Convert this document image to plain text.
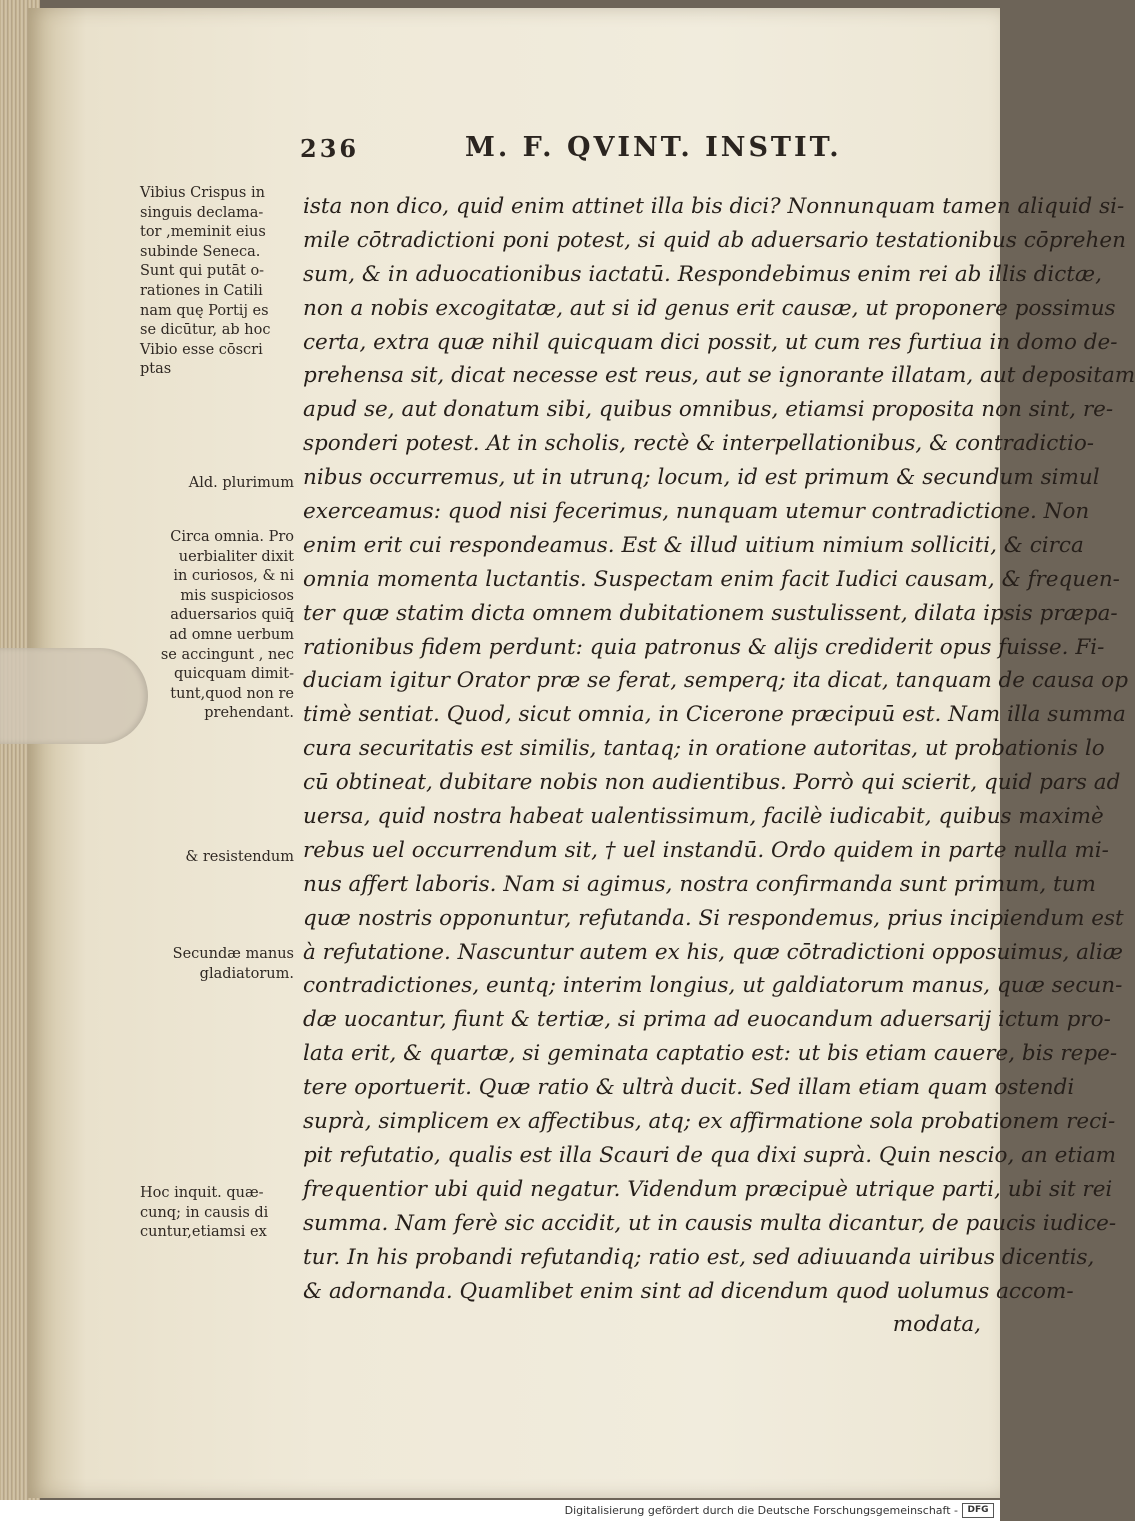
236	M. F. QVINT. INSTIT.
Vibius Crispus in
singuis declama-
tor ,meminit eius
subinde Seneca.
Sunt qui putāt o-
rationes in Catili
nam quę Portij es
se dicūtur, ab hoc
Vibio esse cōscri
ptas
Ald. plurimum
Circa omnia. Pro
uerbialiter dixit
in curiosos, & ni
mis suspiciosos
aduersarios quiq̄
ad omne uerbum
se accingunt , nec
quicquam dimit-
tunt,quod non re
prehendant.
& resistendum
Secundæ manus
gladiatorum.
Hoc inquit. quæ-
cunq; in causis di
cuntur,etiamsi ex
ista non dico, quid enim attinet illa bis dici? Nonnunquam tamen aliquid si-
mile cōtradictioni poni potest, si quid ab aduersario testationibus cōprehen
sum, & in aduocationibus iactatū. Respondebimus enim rei ab illis dictæ,
non a nobis excogitatæ, aut si id genus erit causæ, ut proponere possimus
certa, extra quæ nihil quicquam dici possit, ut cum res furtiua in domo de-
prehensa sit, dicat necesse est reus, aut se ignorante illatam, aut depositam
apud se, aut donatum sibi, quibus omnibus, etiamsi proposita non sint, re-
sponderi potest. At in scholis, rectè & interpellationibus, & contradictio-
nibus occurremus, ut in utrunq; locum, id est primum & secundum simul
exerceamus: quod nisi fecerimus, nunquam utemur contradictione. Non
enim erit cui respondeamus. Est & illud uitium nimium solliciti, & circa
omnia momenta luctantis. Suspectam enim facit Iudici causam, & frequen-
ter quæ statim dicta omnem dubitationem sustulissent, dilata ipsis præpa-
rationibus fidem perdunt: quia patronus & alijs crediderit opus fuisse. Fi-
duciam igitur Orator præ se ferat, semperq; ita dicat, tanquam de causa op
timè sentiat. Quod, sicut omnia, in Cicerone præcipuū est. Nam illa summa
cura securitatis est similis, tantaq; in oratione autoritas, ut probationis lo
cū obtineat, dubitare nobis non audientibus. Porrò qui scierit, quid pars ad
uersa, quid nostra habeat ualentissimum, facilè iudicabit, quibus maximè
rebus uel occurrendum sit, † uel instandū. Ordo quidem in parte nulla mi-
nus affert laboris. Nam si agimus, nostra confirmanda sunt primum, tum
quæ nostris opponuntur, refutanda. Si respondemus, prius incipiendum est
à refutatione. Nascuntur autem ex his, quæ cōtradictioni opposuimus, aliæ
contradictiones, euntq; interim longius, ut galdiatorum manus, quæ secun-
dæ uocantur, fiunt & tertiæ, si prima ad euocandum aduersarij ictum pro-
lata erit, & quartæ, si geminata captatio est: ut bis etiam cauere, bis repe-
tere oportuerit. Quæ ratio & ultrà ducit. Sed illam etiam quam ostendi
suprà, simplicem ex affectibus, atq; ex affirmatione sola probationem reci-
pit refutatio, qualis est illa Scauri de qua dixi suprà. Quin nescio, an etiam
frequentior ubi quid negatur. Videndum præcipuè utrique parti, ubi sit rei
summa. Nam ferè sic accidit, ut in causis multa dicantur, de paucis iudice-
tur. In his probandi refutandiq; ratio est, sed adiuuanda uiribus dicentis,
& adornanda. Quamlibet enim sint ad dicendum quod uolumus accom-
modata,
Digitalisierung gefördert durch die Deutsche Forschungsgemeinschaft -	DFG
